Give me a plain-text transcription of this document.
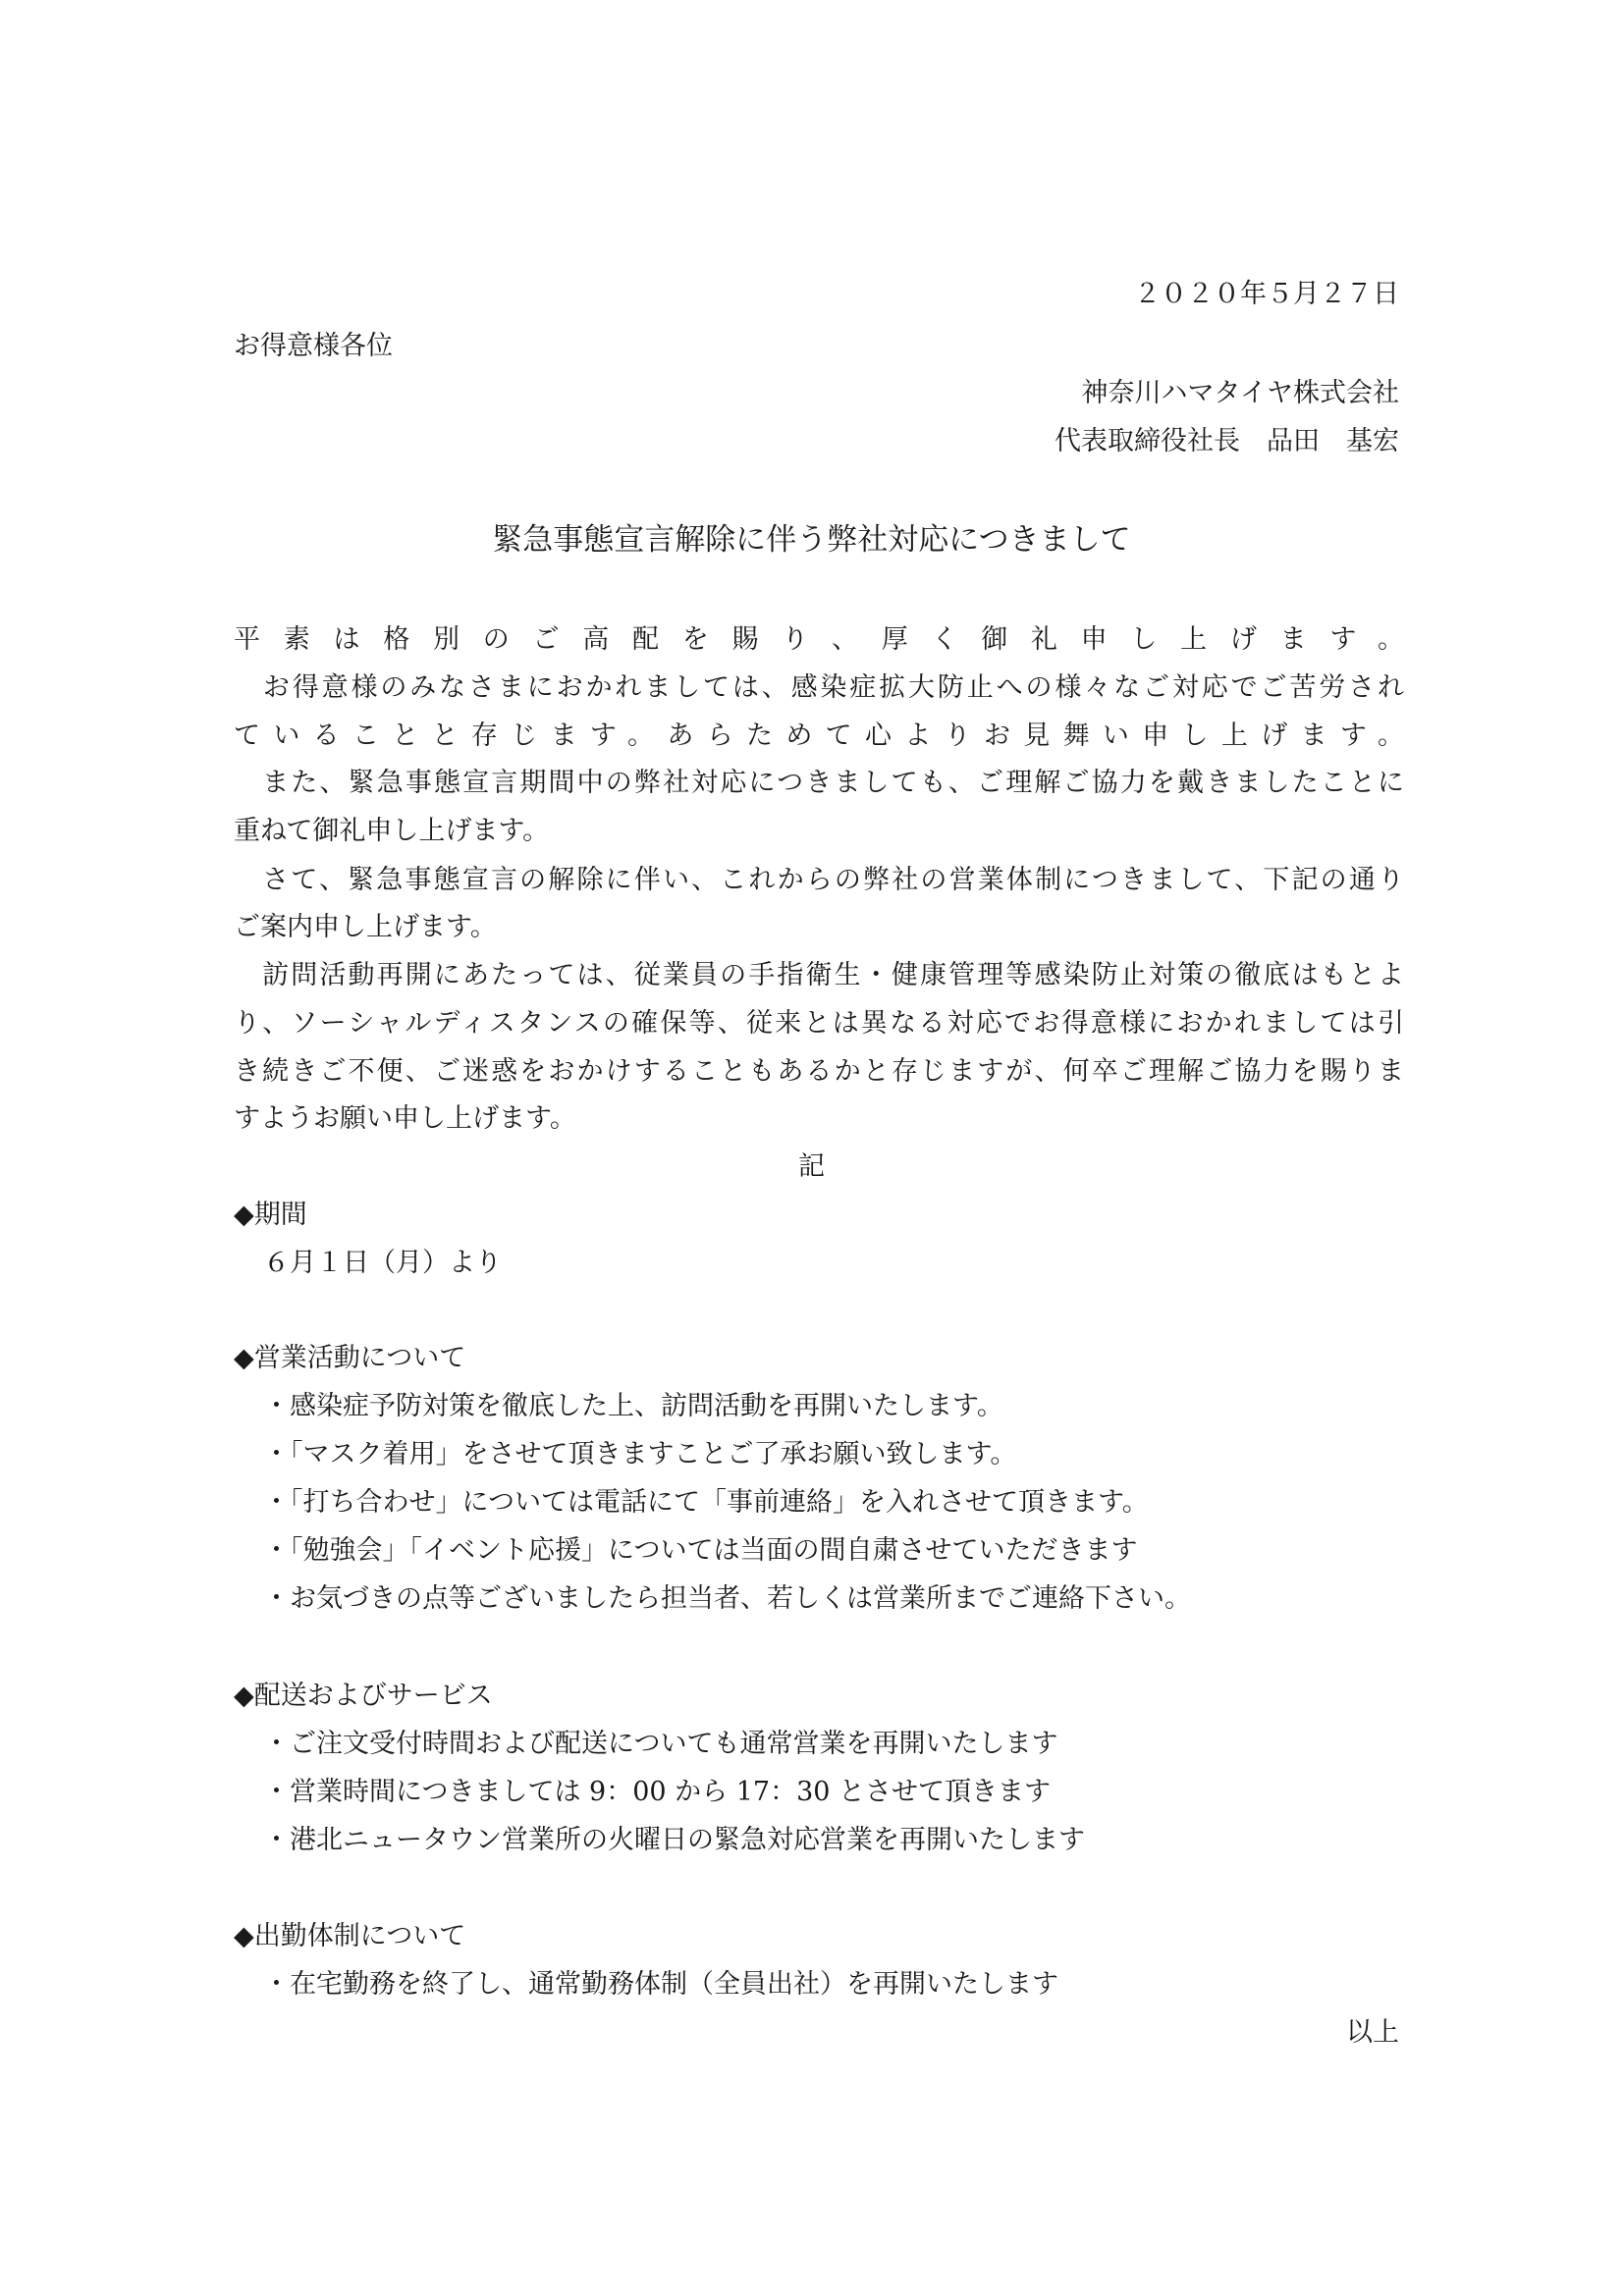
２０２０年５月２７日
お得意様各位
神奈川ハマタイヤ株式会社
代表取締役社長　品田　基宏
緊急事態宣言解除に伴う弊社対応につきまして
平素は格別のご高配を賜り、厚く御礼申し上げます。
　お得意様のみなさまにおかれましては、感染症拡大防止への様々なご対応でご苦労され
ていることと存じます。あらためて心よりお見舞い申し上げます。
　また、緊急事態宣言期間中の弊社対応につきましても、ご理解ご協力を戴きましたことに
重ねて御礼申し上げます。
　さて、緊急事態宣言の解除に伴い、これからの弊社の営業体制につきまして、下記の通り
ご案内申し上げます。
　訪問活動再開にあたっては、従業員の手指衛生・健康管理等感染防止対策の徹底はもとよ
り、ソーシャルディスタンスの確保等、従来とは異なる対応でお得意様におかれましては引
き続きご不便、ご迷惑をおかけすることもあるかと存じますが、何卒ご理解ご協力を賜りま
すようお願い申し上げます。
記
◆期間
６月１日（月）より
◆営業活動について
・感染症予防対策を徹底した上、訪問活動を再開いたします。
・「マスク着用」をさせて頂きますことご了承お願い致します。
・「打ち合わせ」については電話にて「事前連絡」を入れさせて頂きます。
・「勉強会」「イベント応援」については当面の間自粛させていただきます
・お気づきの点等ございましたら担当者、若しくは営業所までご連絡下さい。
◆配送およびサービス
・ご注文受付時間および配送についても通常営業を再開いたします
・営業時間につきましては 9：00 から 17：30 とさせて頂きます
・港北ニュータウン営業所の火曜日の緊急対応営業を再開いたします
◆出勤体制について
・在宅勤務を終了し、通常勤務体制（全員出社）を再開いたします
以上
